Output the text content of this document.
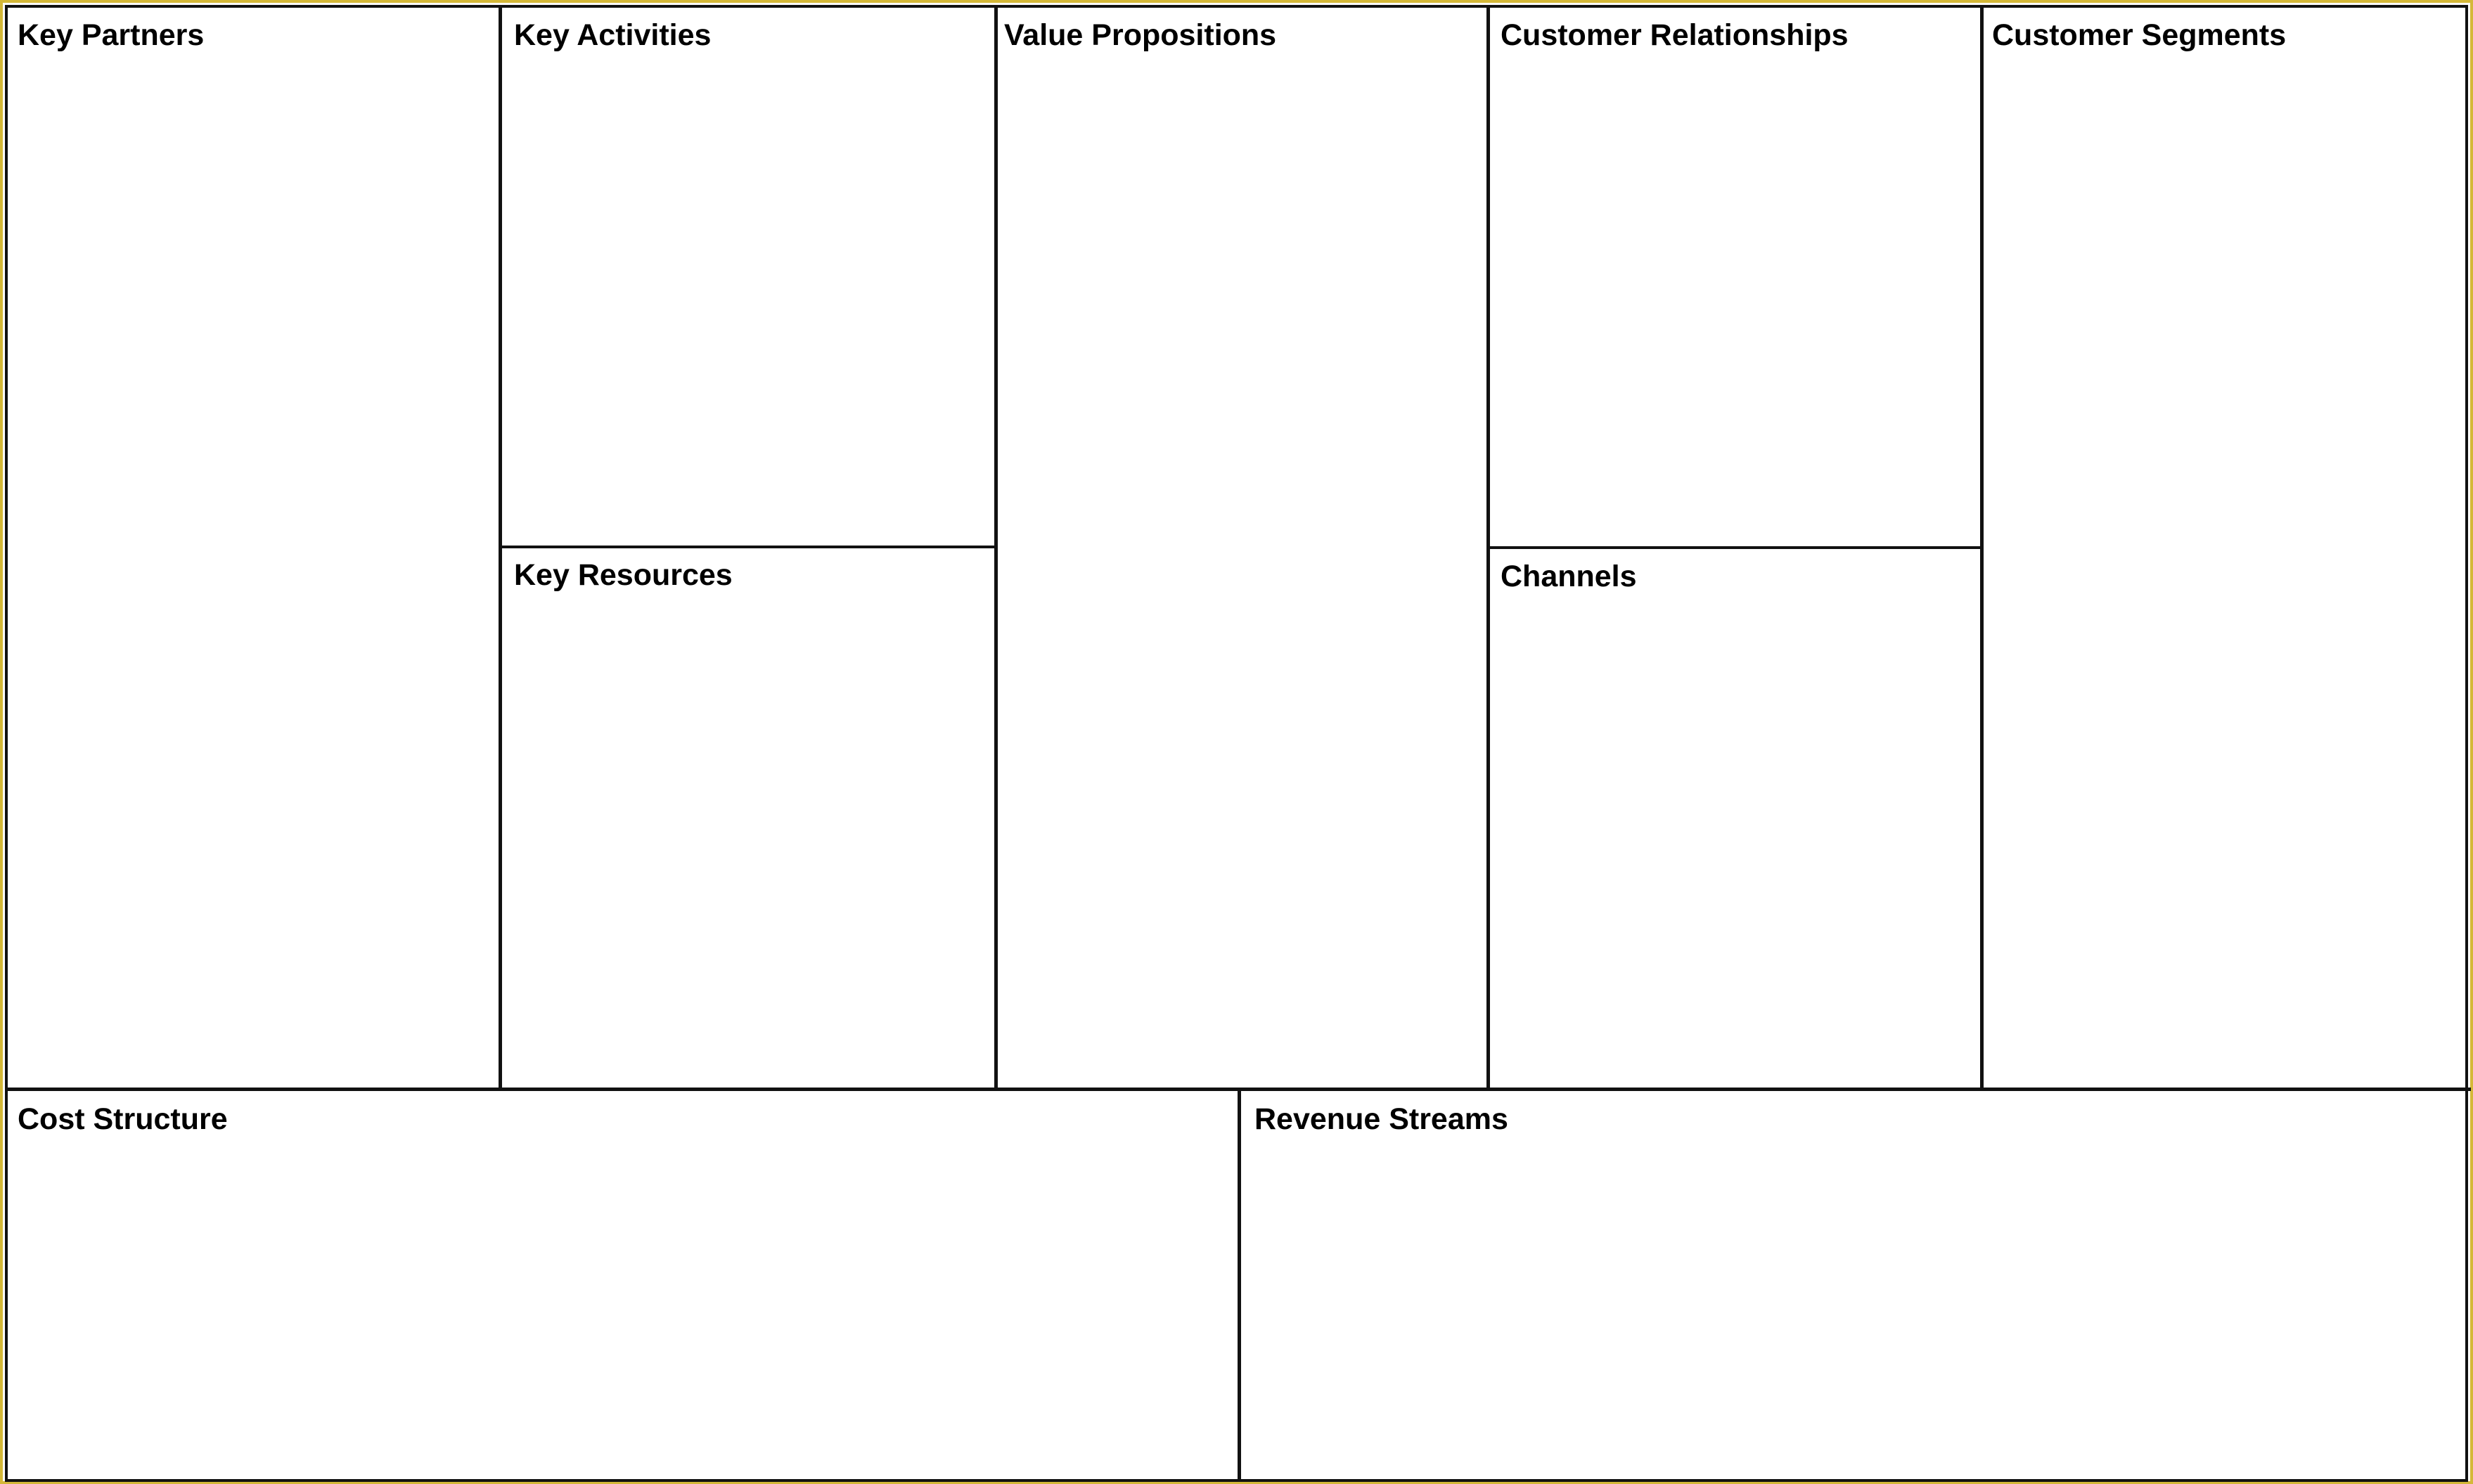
Key Partners	Key Activities
Key Resources
Value Propositions	Customer Relationships
Channels
Customer Segments
Cost Structure	Revenue Streams
